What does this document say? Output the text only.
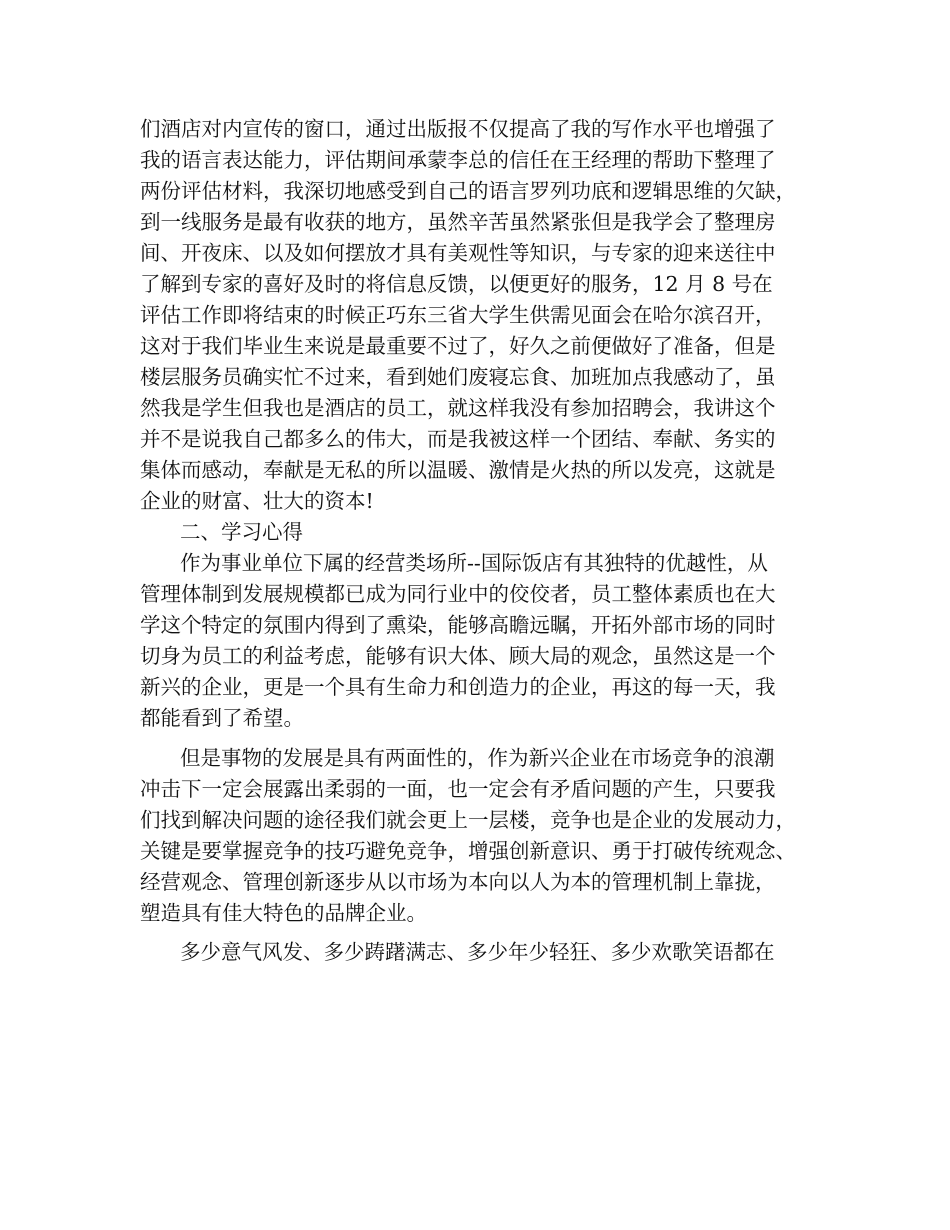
们酒店对内宣传的窗口，通过出版报不仅提高了我的写作水平也增强了

我的语言表达能力，评估期间承蒙李总的信任在王经理的帮助下整理了

两份评估材料，我深切地感受到自己的语言罗列功底和逻辑思维的欠缺，

到一线服务是最有收获的地方，虽然辛苦虽然紧张但是我学会了整理房

间、开夜床、以及如何摆放才具有美观性等知识，与专家的迎来送往中

了解到专家的喜好及时的将信息反馈，以便更好的服务，12 月 8 号在

评估工作即将结束的时候正巧东三省大学生供需见面会在哈尔滨召开，

这对于我们毕业生来说是最重要不过了，好久之前便做好了准备，但是

楼层服务员确实忙不过来，看到她们废寝忘食、加班加点我感动了，虽

然我是学生但我也是酒店的员工，就这样我没有参加招聘会，我讲这个

并不是说我自己都多么的伟大，而是我被这样一个团结、奉献、务实的

集体而感动，奉献是无私的所以温暖、激情是火热的所以发亮，这就是

企业的财富、壮大的资本!

二、学习心得

作为事业单位下属的经营类场所--国际饭店有其独特的优越性，从

管理体制到发展规模都已成为同行业中的佼佼者，员工整体素质也在大

学这个特定的氛围内得到了熏染，能够高瞻远瞩，开拓外部市场的同时

切身为员工的利益考虑，能够有识大体、顾大局的观念，虽然这是一个

新兴的企业，更是一个具有生命力和创造力的企业，再这的每一天，我

都能看到了希望。

但是事物的发展是具有两面性的，作为新兴企业在市场竞争的浪潮

冲击下一定会展露出柔弱的一面，也一定会有矛盾问题的产生，只要我

们找到解决问题的途径我们就会更上一层楼，竞争也是企业的发展动力，

关键是要掌握竞争的技巧避免竞争，增强创新意识、勇于打破传统观念、

经营观念、管理创新逐步从以市场为本向以人为本的管理机制上靠拢，

塑造具有佳大特色的品牌企业。

多少意气风发、多少踌躇满志、多少年少轻狂、多少欢歌笑语都在
